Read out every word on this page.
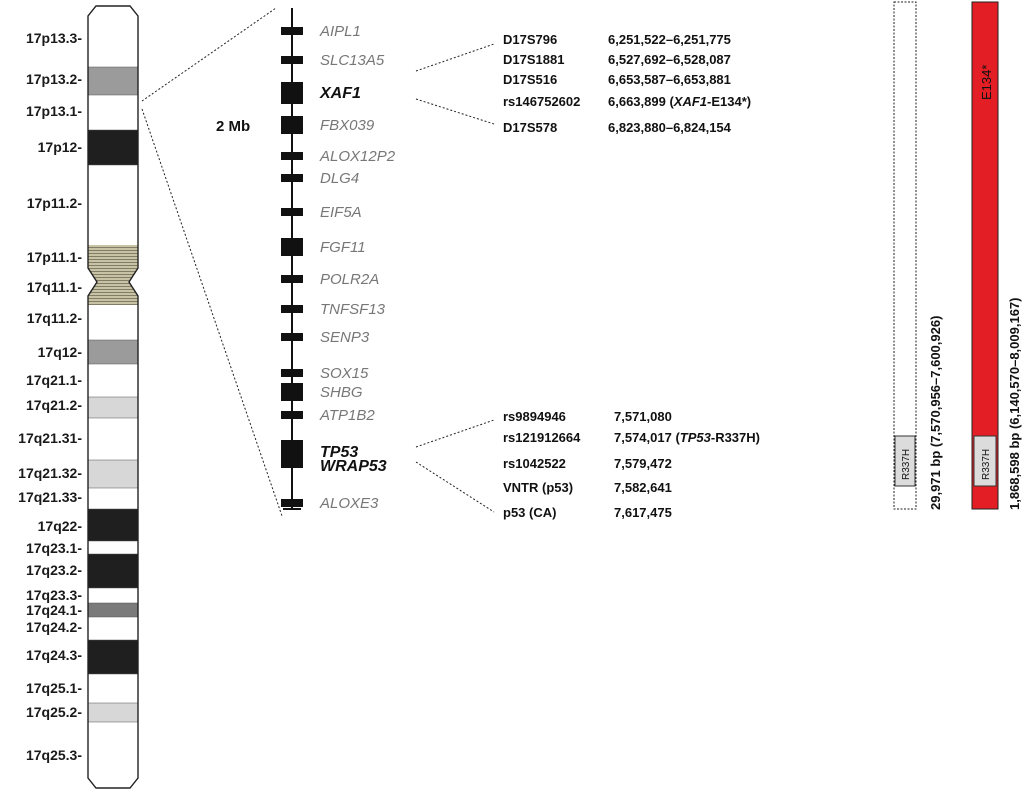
17p13.3-
17p13.2-
17p13.1-
17p12-
17p11.2-
17p11.1-
17q11.1-
17q11.2-
17q12-
17q21.1-
17q21.2-
17q21.31-
17q21.32-
17q21.33-
17q22-
17q23.1-
17q23.2-
17q23.3-
17q24.1-
17q24.2-
17q24.3-
17q25.1-
17q25.2-
17q25.3-
AIPL1
SLC13A5
XAF1
FBX039
ALOX12P2
DLG4
EIF5A
FGF11
POLR2A
TNFSF13
SENP3
SOX15
SHBG
ATP1B2
TP53
WRAP53
ALOXE3
2 Mb
D17S796	6,251,522–6,251,775
D17S1881	6,527,692–6,528,087
D17S516	6,653,587–6,653,881
rs146752602 6,663,899 (XAF1-E134*)
D17S578	6,823,880–6,824,154
rs9894946	7,571,080
rs121912664	7,574,017 (TP53-R337H)
rs1042522	7,579,472
VNTR (p53)	7,582,641
p53 (CA)	7,617,475
R337H 29,971 bp (7,570,956–7,600,926)	R337H
E134*
1,868,598 bp (6,140,570–8,009,167)
